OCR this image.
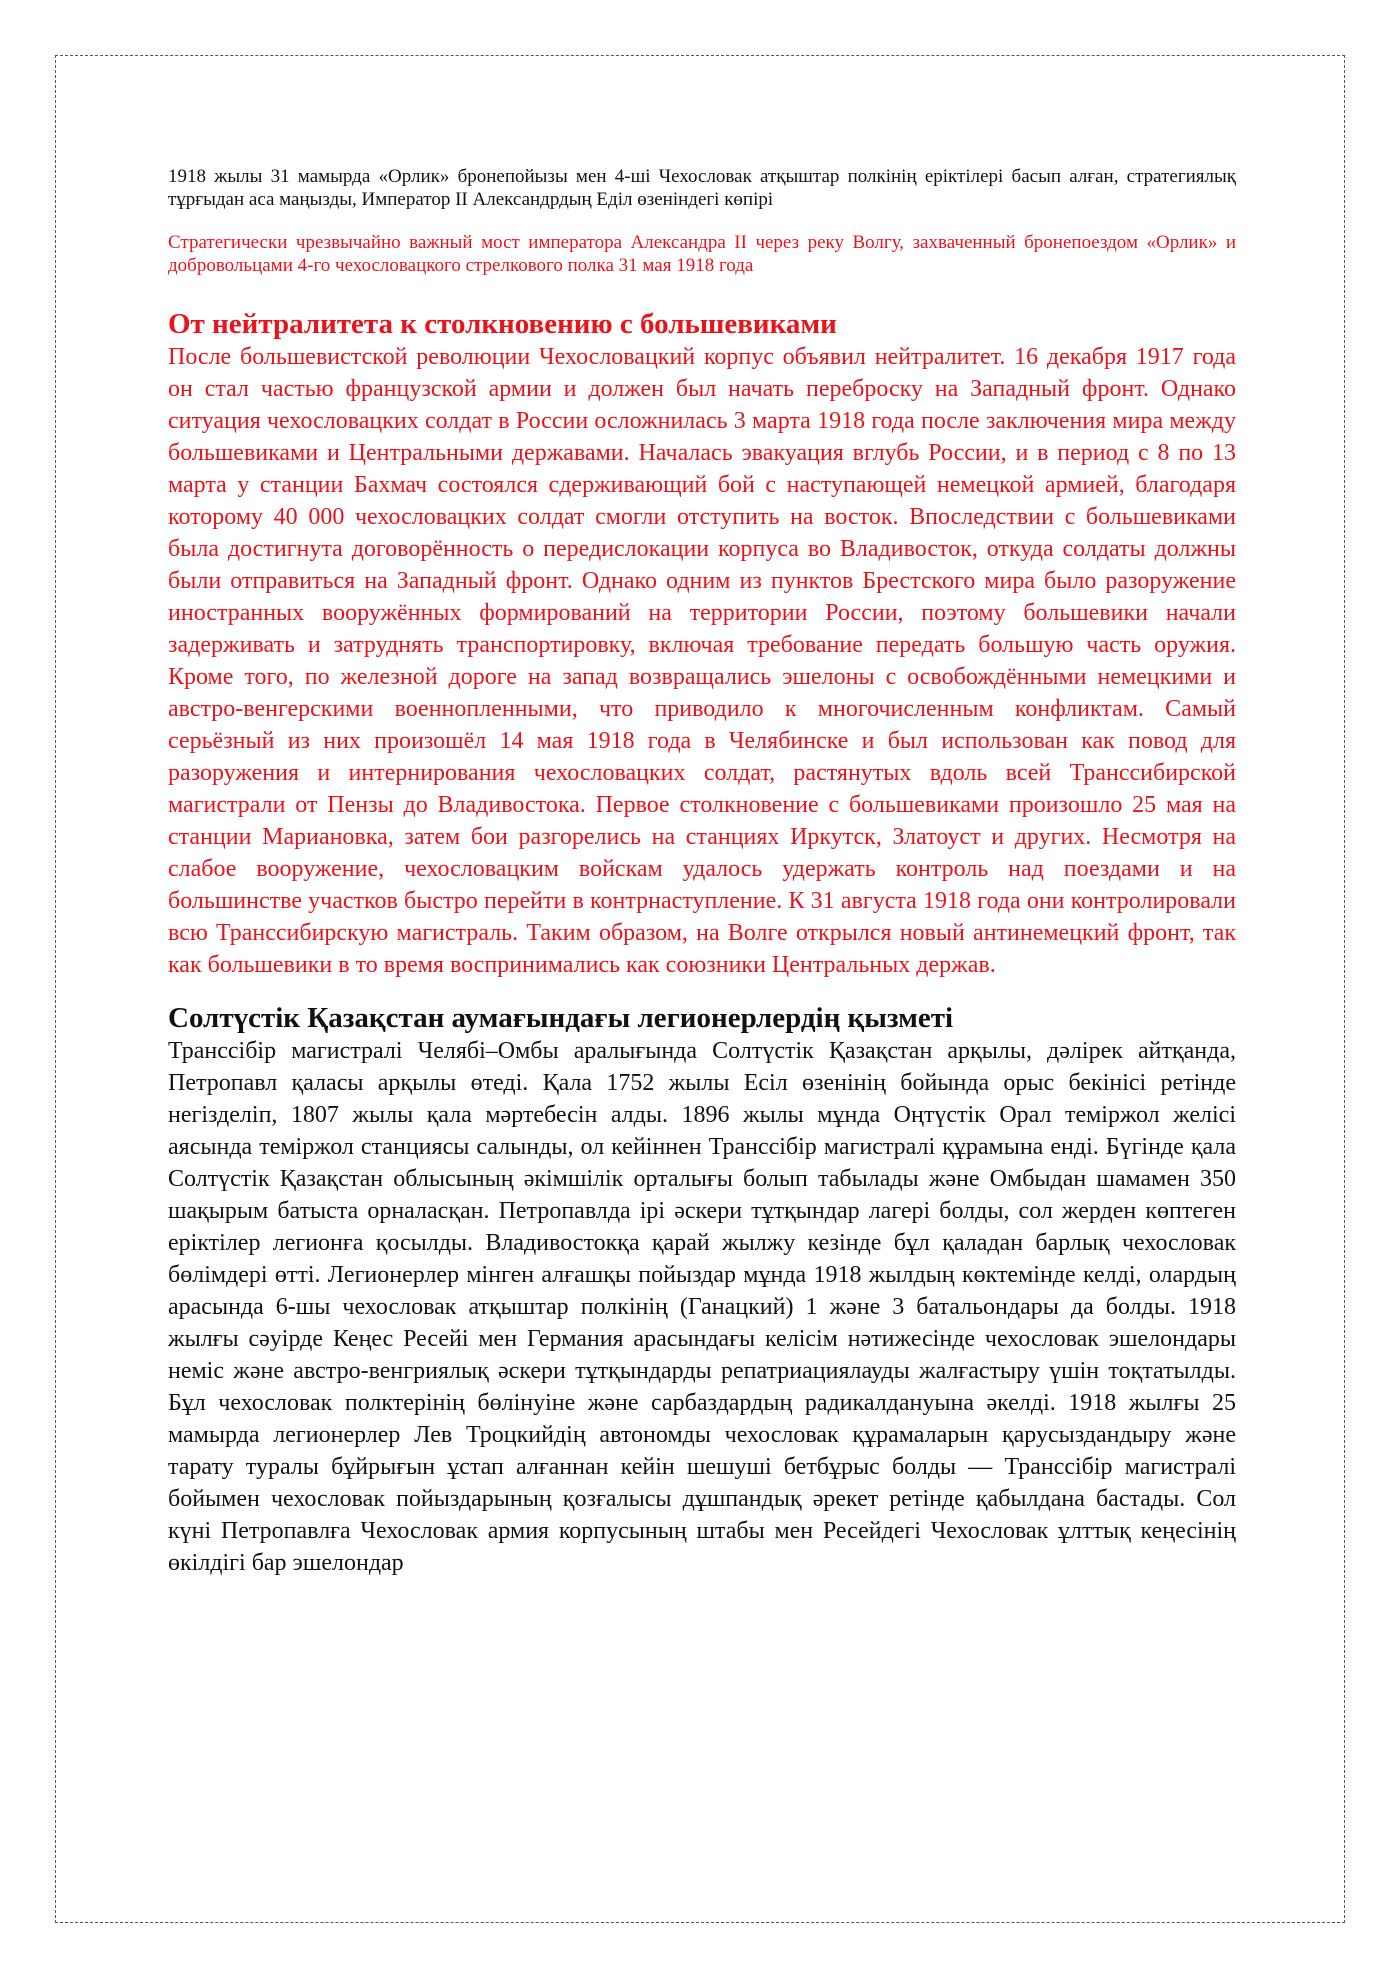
1918 жылы 31 мамырда «Орлик» бронепойызы мен 4-ші Чехословак атқыштар полкінің еріктілері басып алған, стратегиялық тұрғыдан аса маңызды, Император II Александрдың Еділ өзеніндегі көпірі

Стратегически чрезвычайно важный мост императора Александра II через реку Волгу, захваченный бронепоездом «Орлик» и добровольцами 4-го чехословацкого стрелкового полка 31 мая 1918 года

От нейтралитета к столкновению с большевиками

После большевистской революции Чехословацкий корпус объявил нейтралитет. 16 декабря 1917 года он стал частью французской армии и должен был начать переброску на Западный фронт. Однако ситуация чехословацких солдат в России осложнилась 3 марта 1918 года после заключения мира между большевиками и Центральными державами. Началась эвакуация вглубь России, и в период с 8 по 13 марта у станции Бахмач состоялся сдерживающий бой с наступающей немецкой армией, благодаря которому 40 000 чехословацких солдат смогли отступить на восток. Впоследствии с большевиками была достигнута договорённость о передислокации корпуса во Владивосток, откуда солдаты должны были отправиться на Западный фронт. Однако одним из пунктов Брестского мира было разоружение иностранных вооружённых формирований на территории России, поэтому большевики начали задерживать и затруднять транспортировку, включая требование передать большую часть оружия. Кроме того, по железной дороге на запад возвращались эшелоны с освобождёнными немецкими и австро-венгерскими военнопленными, что приводило к многочисленным конфликтам. Самый серьёзный из них произошёл 14 мая 1918 года в Челябинске и был использован как повод для разоружения и интернирования чехословацких солдат, растянутых вдоль всей Транссибирской магистрали от Пензы до Владивостока. Первое столкновение с большевиками произошло 25 мая на станции Мариановка, затем бои разгорелись на станциях Иркутск, Златоуст и других. Несмотря на слабое вооружение, чехословацким войскам удалось удержать контроль над поездами и на большинстве участков быстро перейти в контрнаступление. К 31 августа 1918 года они контролировали всю Транссибирскую магистраль. Таким образом, на Волге открылся новый антинемецкий фронт, так как большевики в то время воспринимались как союзники Центральных держав.

Солтүстік Қазақстан аумағындағы легионерлердің қызметі

Транссібір магистралі Челябі–Омбы аралығында Солтүстік Қазақстан арқылы, дәлірек айтқанда, Петропавл қаласы арқылы өтеді. Қала 1752 жылы Есіл өзенінің бойында орыс бекінісі ретінде негізделіп, 1807 жылы қала мәртебесін алды. 1896 жылы мұнда Оңтүстік Орал теміржол желісі аясында теміржол станциясы салынды, ол кейіннен Транссібір магистралі құрамына енді. Бүгінде қала Солтүстік Қазақстан облысының әкімшілік орталығы болып табылады және Омбыдан шамамен 350 шақырым батыста орналасқан. Петропавлда ірі әскери тұтқындар лагері болды, сол жерден көптеген еріктілер легионға қосылды. Владивостокқа қарай жылжу кезінде бұл қаладан барлық чехословак бөлімдері өтті. Легионерлер мінген алғашқы пойыздар мұнда 1918 жылдың көктемінде келді, олардың арасында 6-шы чехословак атқыштар полкінің (Ганацкий) 1 және 3 батальондары да болды. 1918 жылғы сәуірде Кеңес Ресейі мен Германия арасындағы келісім нәтижесінде чехословак эшелондары неміс және австро-венгриялық әскери тұтқындарды репатриациялауды жалғастыру үшін тоқтатылды. Бұл чехословак полктерінің бөлінуіне және сарбаздардың радикалдануына әкелді. 1918 жылғы 25 мамырда легионерлер Лев Троцкийдің автономды чехословак құрамаларын қарусыздандыру және тарату туралы бұйрығын ұстап алғаннан кейін шешуші бетбұрыс болды — Транссібір магистралі бойымен чехословак пойыздарының қозғалысы дұшпандық әрекет ретінде қабылдана бастады. Сол күні Петропавлға Чехословак армия корпусының штабы мен Ресейдегі Чехословак ұлттық кеңесінің өкілдігі бар эшелондар
